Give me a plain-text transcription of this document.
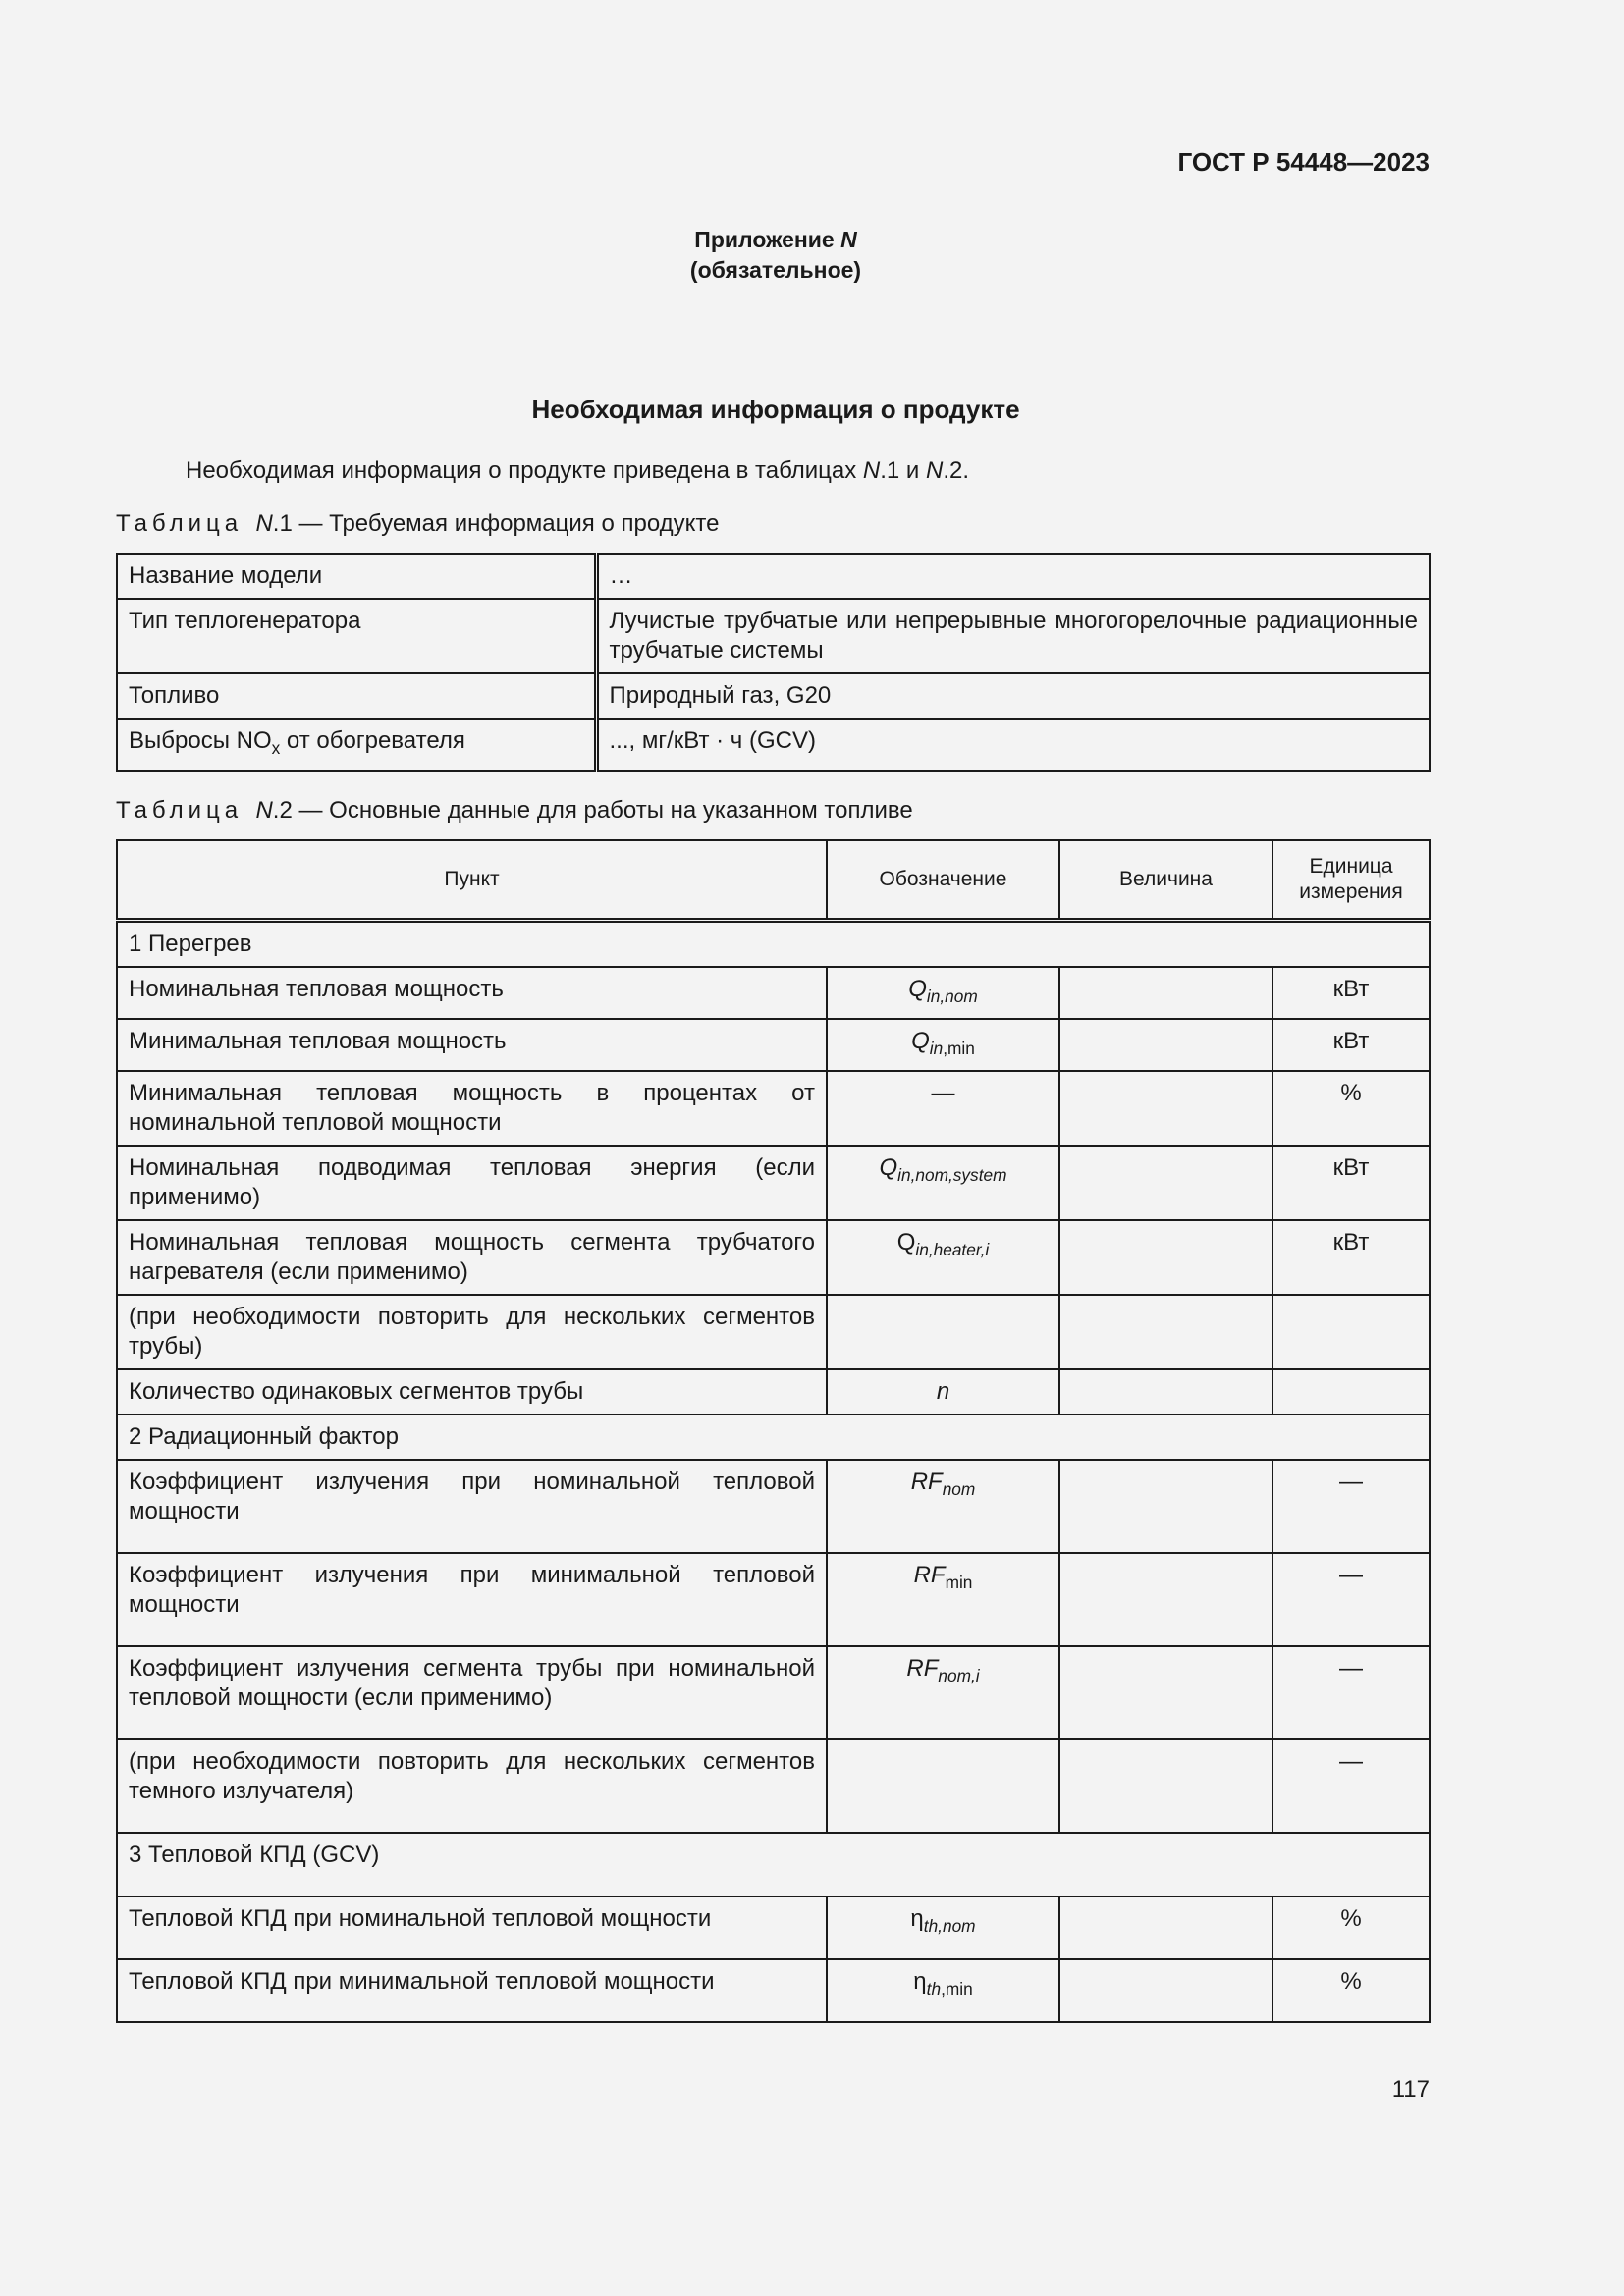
ГОСТ Р 54448—2023
Приложение N
(обязательное)
Необходимая информация о продукте
Необходимая информация о продукте приведена в таблицах N.1 и N.2.
Таблица N.1 — Требуемая информация о продукте
Название модели	…
Тип теплогенератора	Лучистые трубчатые или непрерывные многогорелочные радиационные трубчатые системы
Топливо	Природный газ, G20
Выбросы $NO_x$ от обогревателя	..., мг/кВт · ч (GCV)
Таблица N.2 — Основные данные для работы на указанном топливе
Пункт	Обозначение	Величина	Единица измерения
1 Перегрев			
Номинальная тепловая мощность	$Q_{in,nom}$		кВт
Минимальная тепловая мощность	$Q_{in,min}$		кВт
Минимальная тепловая мощность в процентах от номинальной тепловой мощности	—		%
Номинальная подводимая тепловая энергия (если применимо)	$Q_{in,nom,system}$		кВт
Номинальная тепловая мощность сегмента трубчатого нагревателя (если применимо)	$Q_{in,heater,i}$		кВт
(при необходимости повторить для нескольких сегментов трубы)			
Количество одинаковых сегментов трубы	n		
2 Радиационный фактор			
Коэффициент излучения при номинальной тепловой мощности	$RF_{nom}$		—
Коэффициент излучения при минимальной тепловой мощности	$RF_{min}$		—
Коэффициент излучения сегмента трубы при номинальной тепловой мощности (если применимо)	$RF_{nom,i}$		—
(при необходимости повторить для нескольких сегментов темного излучателя)			—
3 Тепловой КПД (GCV)			
Тепловой КПД при номинальной тепловой мощности	$\eta_{th,nom}$		%
Тепловой КПД при минимальной тепловой мощности	$\eta_{th,min}$		%
117
